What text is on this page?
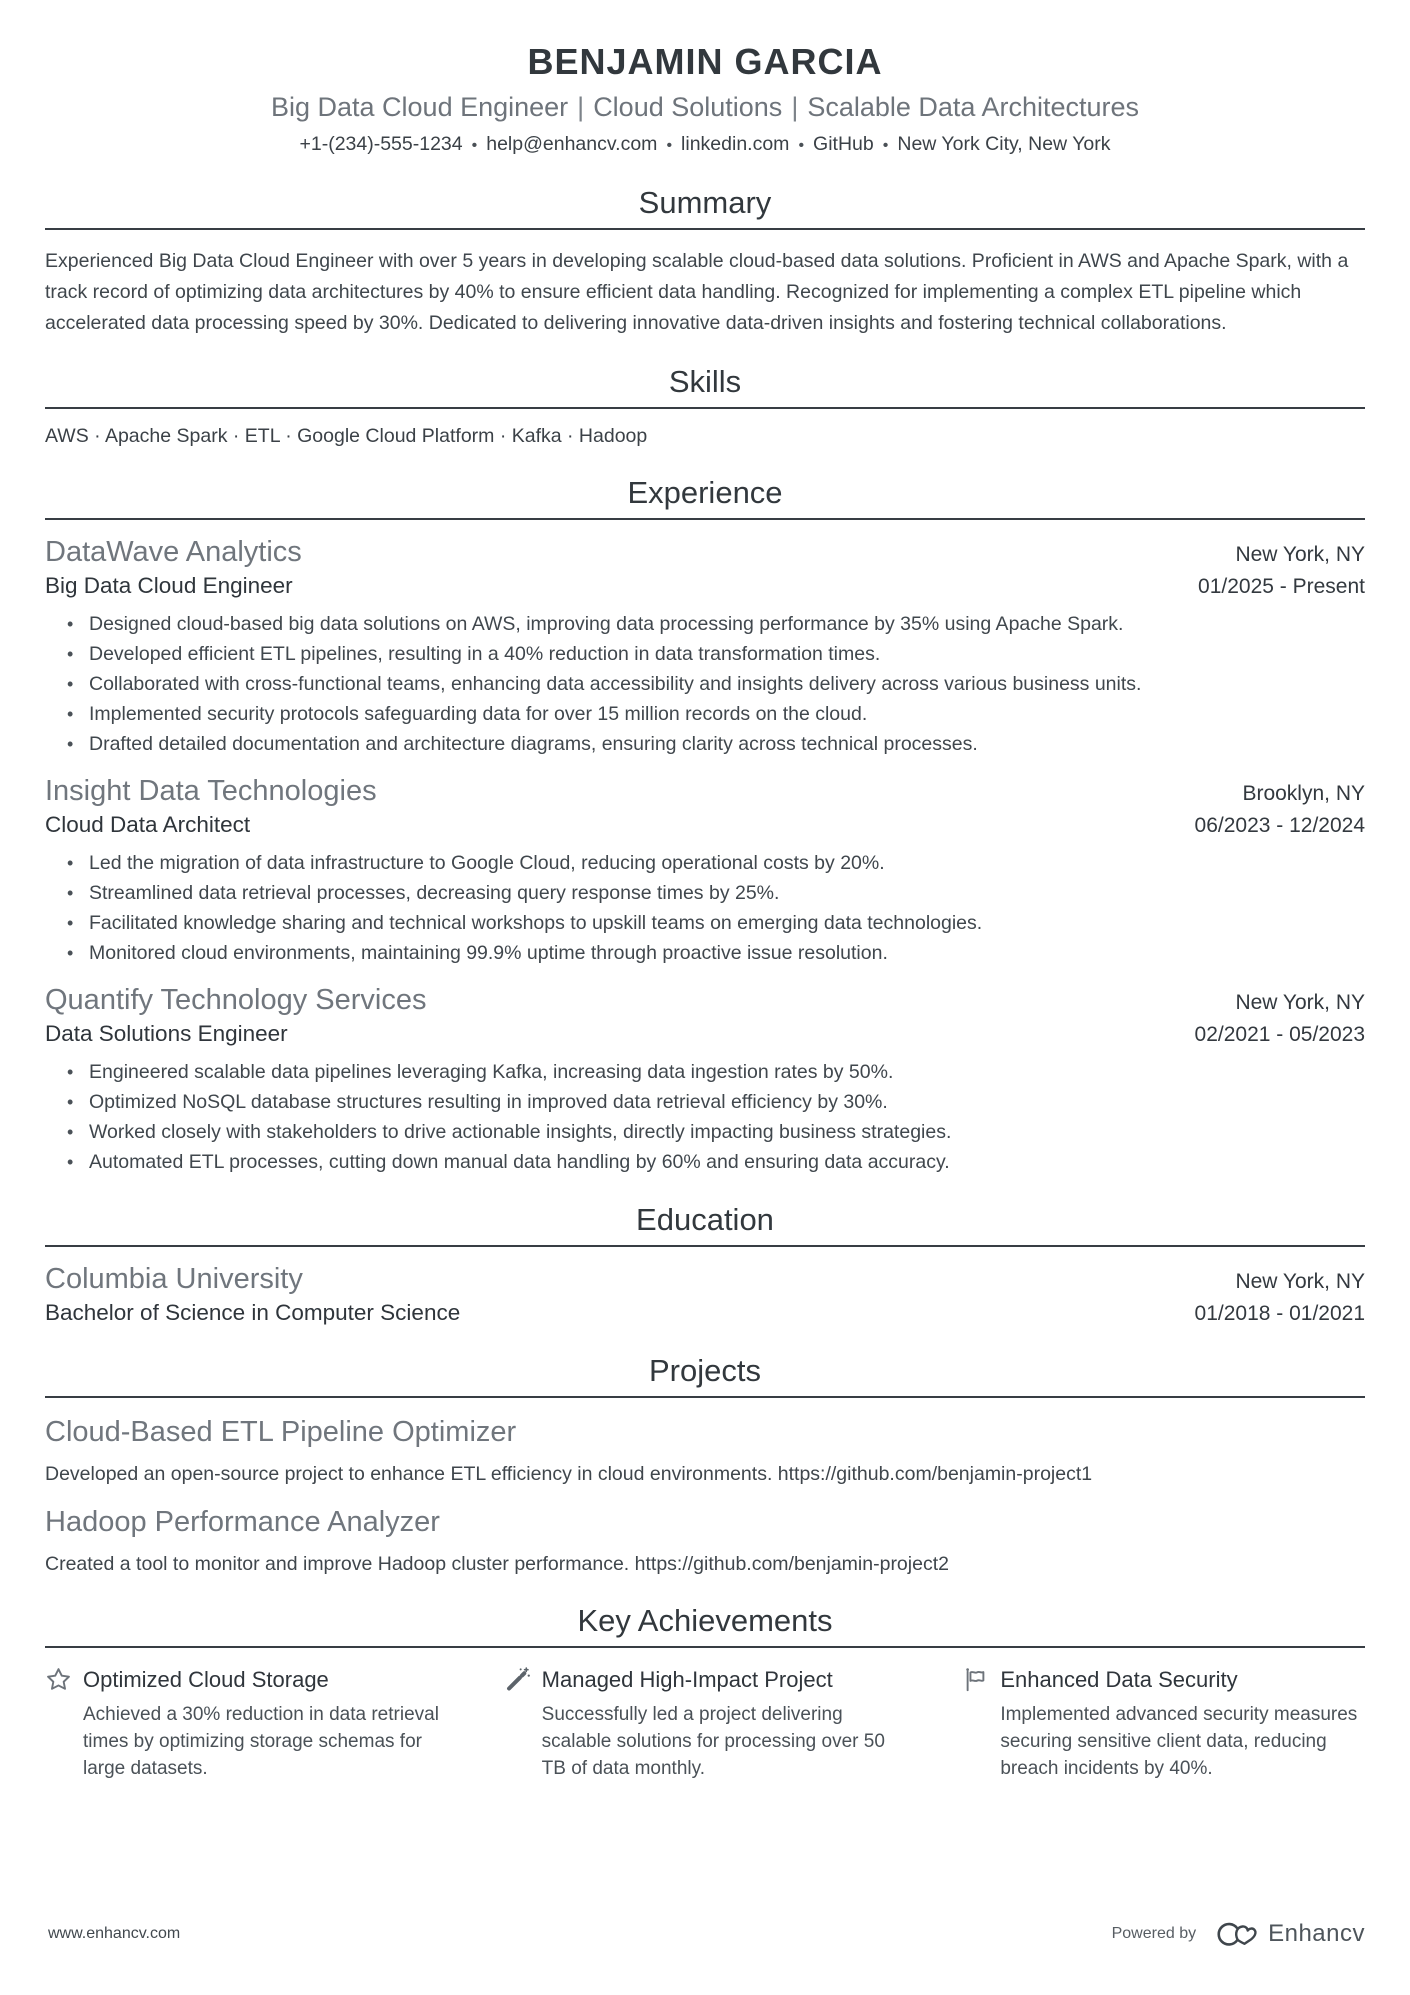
BENJAMIN GARCIA
Big Data Cloud Engineer | Cloud Solutions | Scalable Data Architectures
+1-(234)-555-1234 • help@enhancv.com • linkedin.com • GitHub • New York City, New York
Summary

Experienced Big Data Cloud Engineer with over 5 years in developing scalable cloud-based data solutions. Proficient in AWS and Apache Spark, with a track record of optimizing data architectures by 40% to ensure efficient data handling. Recognized for implementing a complex ETL pipeline which accelerated data processing speed by 30%. Dedicated to delivering innovative data-driven insights and fostering technical collaborations.

Skills

AWS · Apache Spark · ETL · Google Cloud Platform · Kafka · Hadoop

Experience
DataWave Analytics	New York, NY
Big Data Cloud Engineer	01/2025 - Present
• Designed cloud-based big data solutions on AWS, improving data processing performance by 35% using Apache Spark.
• Developed efficient ETL pipelines, resulting in a 40% reduction in data transformation times.
• Collaborated with cross-functional teams, enhancing data accessibility and insights delivery across various business units.
• Implemented security protocols safeguarding data for over 15 million records on the cloud.
• Drafted detailed documentation and architecture diagrams, ensuring clarity across technical processes.
Insight Data Technologies	Brooklyn, NY
Cloud Data Architect	06/2023 - 12/2024
• Led the migration of data infrastructure to Google Cloud, reducing operational costs by 20%.
• Streamlined data retrieval processes, decreasing query response times by 25%.
• Facilitated knowledge sharing and technical workshops to upskill teams on emerging data technologies.
• Monitored cloud environments, maintaining 99.9% uptime through proactive issue resolution.
Quantify Technology Services	New York, NY
Data Solutions Engineer	02/2021 - 05/2023
• Engineered scalable data pipelines leveraging Kafka, increasing data ingestion rates by 50%.
• Optimized NoSQL database structures resulting in improved data retrieval efficiency by 30%.
• Worked closely with stakeholders to drive actionable insights, directly impacting business strategies.
• Automated ETL processes, cutting down manual data handling by 60% and ensuring data accuracy.
Education
Columbia University	New York, NY
Bachelor of Science in Computer Science	01/2018 - 01/2021
Projects
Cloud-Based ETL Pipeline Optimizer

Developed an open-source project to enhance ETL efficiency in cloud environments. https://github.com/benjamin-project1

Hadoop Performance Analyzer

Created a tool to monitor and improve Hadoop cluster performance. https://github.com/benjamin-project2

Key Achievements
Optimized Cloud Storage

Achieved a 30% reduction in data retrieval times by optimizing storage schemas for large datasets.

Managed High-Impact Project

Successfully led a project delivering scalable solutions for processing over 50 TB of data monthly.

Enhanced Data Security

Implemented advanced security measures securing sensitive client data, reducing breach incidents by 40%.

www.enhancv.com	Powered by	Enhancv
